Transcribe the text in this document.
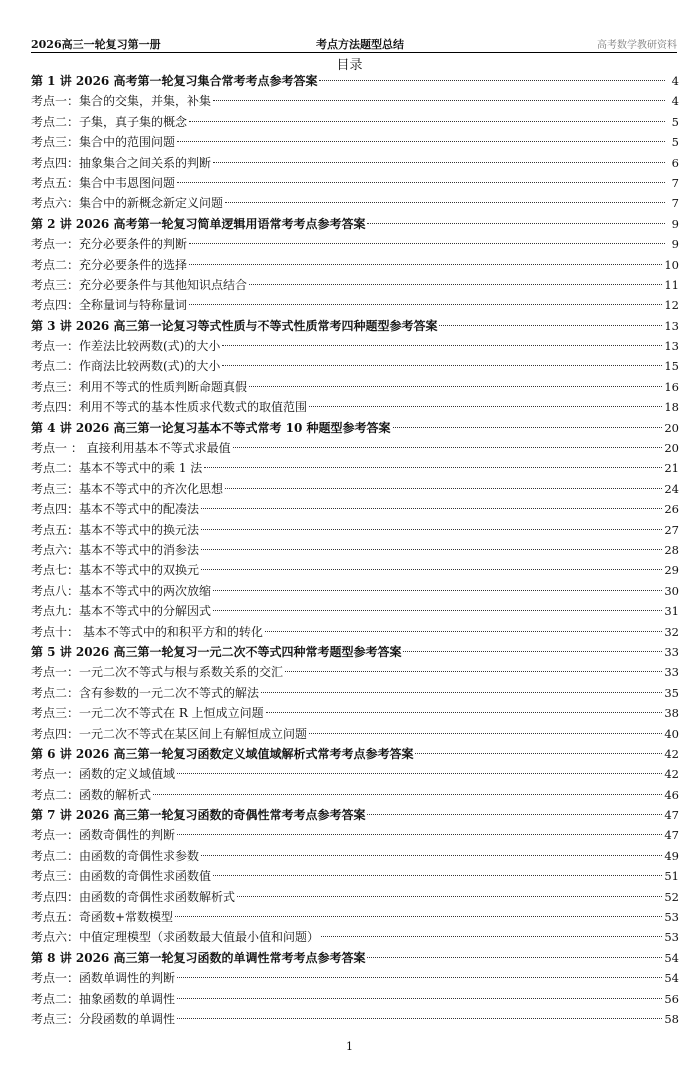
2026高三一轮复习第一册	考点方法题型总结	高考数学教研资料
目录
第 1 讲 2026 高考第一轮复习集合常考考点参考答案	4
考点一：集合的交集，并集，补集	4
考点二：子集，真子集的概念	5
考点三：集合中的范围问题	5
考点四：抽象集合之间关系的判断	6
考点五：集合中韦恩图问题	7
考点六：集合中的新概念新定义问题	7
第 2 讲 2026 高考第一轮复习简单逻辑用语常考考点参考答案	9
考点一：充分必要条件的判断	9
考点二：充分必要条件的选择	10
考点三：充分必要条件与其他知识点结合	11
考点四：全称量词与特称量词	12
第 3 讲 2026 高三第一论复习等式性质与不等式性质常考四种题型参考答案	13
考点一：作差法比较两数(式)的大小	13
考点二：作商法比较两数(式)的大小	15
考点三：利用不等式的性质判断命题真假	16
考点四：利用不等式的基本性质求代数式的取值范围	18
第 4 讲 2026 高三第一论复习基本不等式常考 10 种题型参考答案	20
考点一 ： 直接利用基本不等式求最值	20
考点二：基本不等式中的乘 1 法	21
考点三：基本不等式中的齐次化思想	24
考点四：基本不等式中的配凑法	26
考点五：基本不等式中的换元法	27
考点六：基本不等式中的消参法	28
考点七：基本不等式中的双换元	29
考点八：基本不等式中的两次放缩	30
考点九：基本不等式中的分解因式	31
考点十： 基本不等式中的和积平方和的转化	32
第 5 讲 2026 高三第一轮复习一元二次不等式四种常考题型参考答案	33
考点一：一元二次不等式与根与系数关系的交汇	33
考点二：含有参数的一元二次不等式的解法	35
考点三：一元二次不等式在 R 上恒成立问题	38
考点四：一元二次不等式在某区间上有解恒成立问题	40
第 6 讲 2026 高三第一轮复习函数定义域值域解析式常考考点参考答案	42
考点一：函数的定义域值域	42
考点二：函数的解析式	46
第 7 讲 2026 高三第一轮复习函数的奇偶性常考考点参考答案	47
考点一：函数奇偶性的判断	47
考点二：由函数的奇偶性求参数	49
考点三：由函数的奇偶性求函数值	51
考点四：由函数的奇偶性求函数解析式	52
考点五：奇函数+常数模型	53
考点六：中值定理模型（求函数最大值最小值和问题）	53
第 8 讲 2026 高三第一轮复习函数的单调性常考考点参考答案	54
考点一：函数单调性的判断	54
考点二：抽象函数的单调性	56
考点三：分段函数的单调性	58
1
